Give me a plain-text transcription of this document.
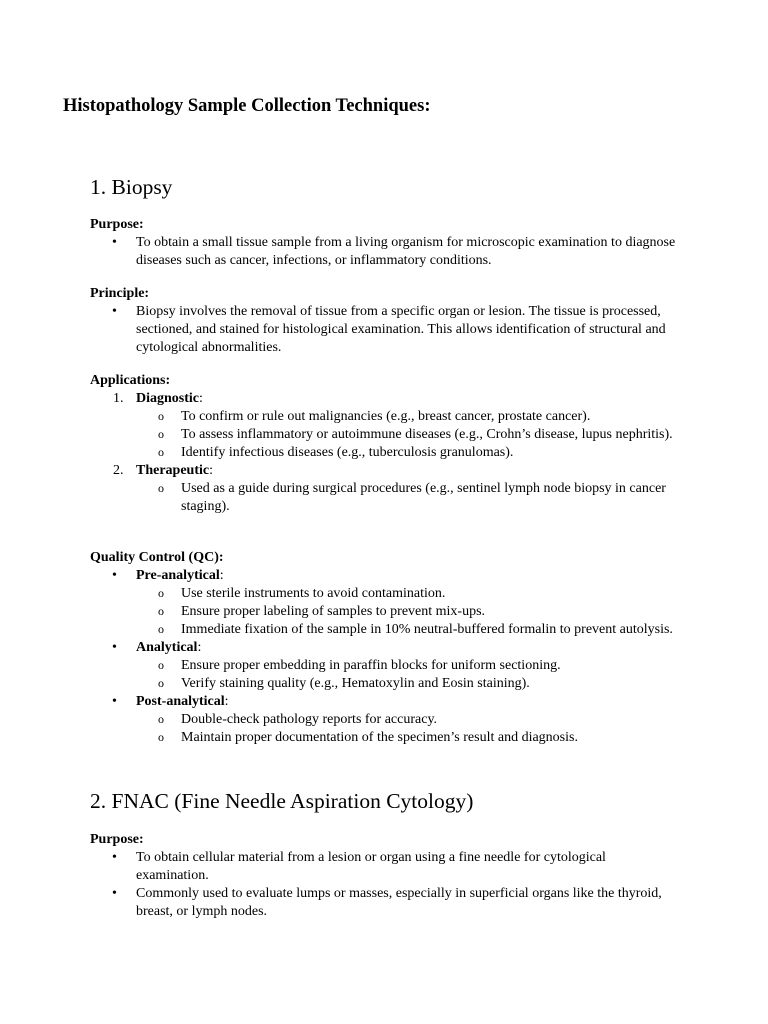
Histopathology Sample Collection Techniques:
1. Biopsy
Purpose:
• To obtain a small tissue sample from a living organism for microscopic examination to diagnose diseases such as cancer, infections, or inflammatory conditions.
Principle:
• Biopsy involves the removal of tissue from a specific organ or lesion. The tissue is processed, sectioned, and stained for histological examination. This allows identification of structural and cytological abnormalities.
Applications:
1. Diagnostic:
o To confirm or rule out malignancies (e.g., breast cancer, prostate cancer).
o To assess inflammatory or autoimmune diseases (e.g., Crohn’s disease, lupus nephritis).
o Identify infectious diseases (e.g., tuberculosis granulomas).
2. Therapeutic:
o Used as a guide during surgical procedures (e.g., sentinel lymph node biopsy in cancer staging).
Quality Control (QC):
• Pre-analytical:
o Use sterile instruments to avoid contamination.
o Ensure proper labeling of samples to prevent mix-ups.
o Immediate fixation of the sample in 10% neutral-buffered formalin to prevent autolysis.
• Analytical:
o Ensure proper embedding in paraffin blocks for uniform sectioning.
o Verify staining quality (e.g., Hematoxylin and Eosin staining).
• Post-analytical:
o Double-check pathology reports for accuracy.
o Maintain proper documentation of the specimen’s result and diagnosis.
2. FNAC (Fine Needle Aspiration Cytology)
Purpose:
• To obtain cellular material from a lesion or organ using a fine needle for cytological examination.
• Commonly used to evaluate lumps or masses, especially in superficial organs like the thyroid, breast, or lymph nodes.
